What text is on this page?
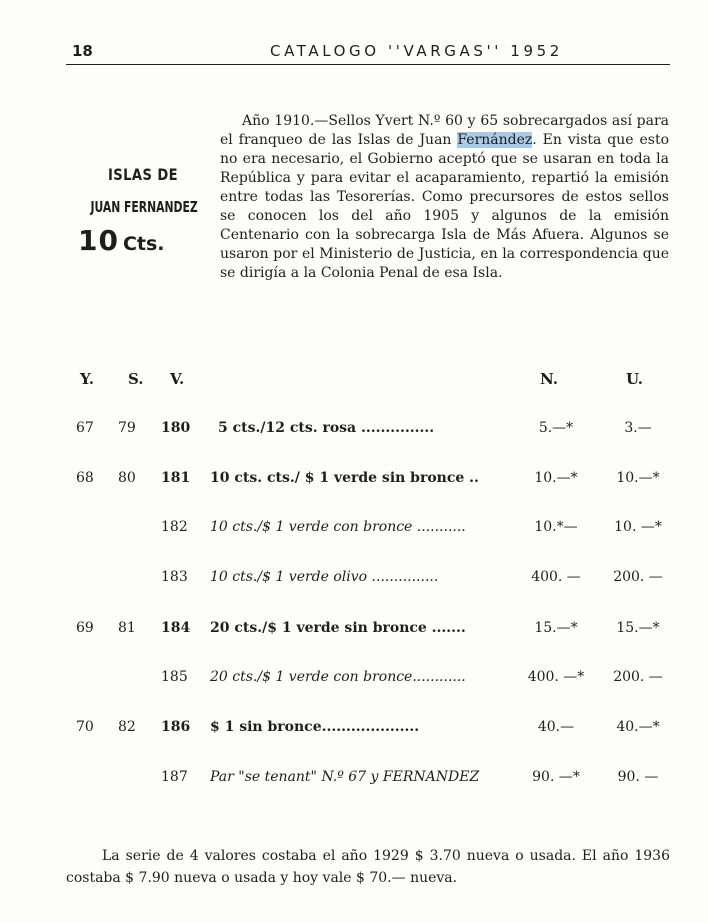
18	CATALOGO ''VARGAS'' 1952
ISLAS DE
JUAN FERNANDEZ
10 Cts.

Año 1910.—Sellos Yvert N.º 60 y 65 sobrecargados así para el franqueo de las Islas de Juan Fernández. En vista que esto no era necesario, el Gobierno aceptó que se usaran en toda la República y para evitar el acaparamiento, repartió la emisión entre todas las Tesorerías. Como precursores de estos sellos se conocen los del año 1905 y algunos de la emisión Centenario con la sobrecarga Isla de Más Afuera. Algunos se usaron por el Ministerio de Justicia, en la correspondencia que se dirigía a la Colonia Penal de esa Isla.

Y. S. V.	N.	U.
67 79 180 5 cts./12 cts. rosa ...............	5.—*	3.—
68 80 181 10 cts. cts./ $ 1 verde sin bronce ..	10.—*	10.—*
182 10 cts./$ 1 verde con bronce ...........	10.*—	10. —*
183 10 cts./$ 1 verde olivo ...............	400. —	200. —
69 81 184 20 cts./$ 1 verde sin bronce .......	15.—*	15.—*
185 20 cts./$ 1 verde con bronce............	400. —*	200. —
70 82 186 $ 1 sin bronce....................	40.—	40.—*
187 Par "se tenant" N.º 67 y FERNANDEZ	90. —*	90. —

La serie de 4 valores costaba el año 1929 $ 3.70 nueva o usada. El año 1936 costaba $ 7.90 nueva o usada y hoy vale $ 70.— nueva.
